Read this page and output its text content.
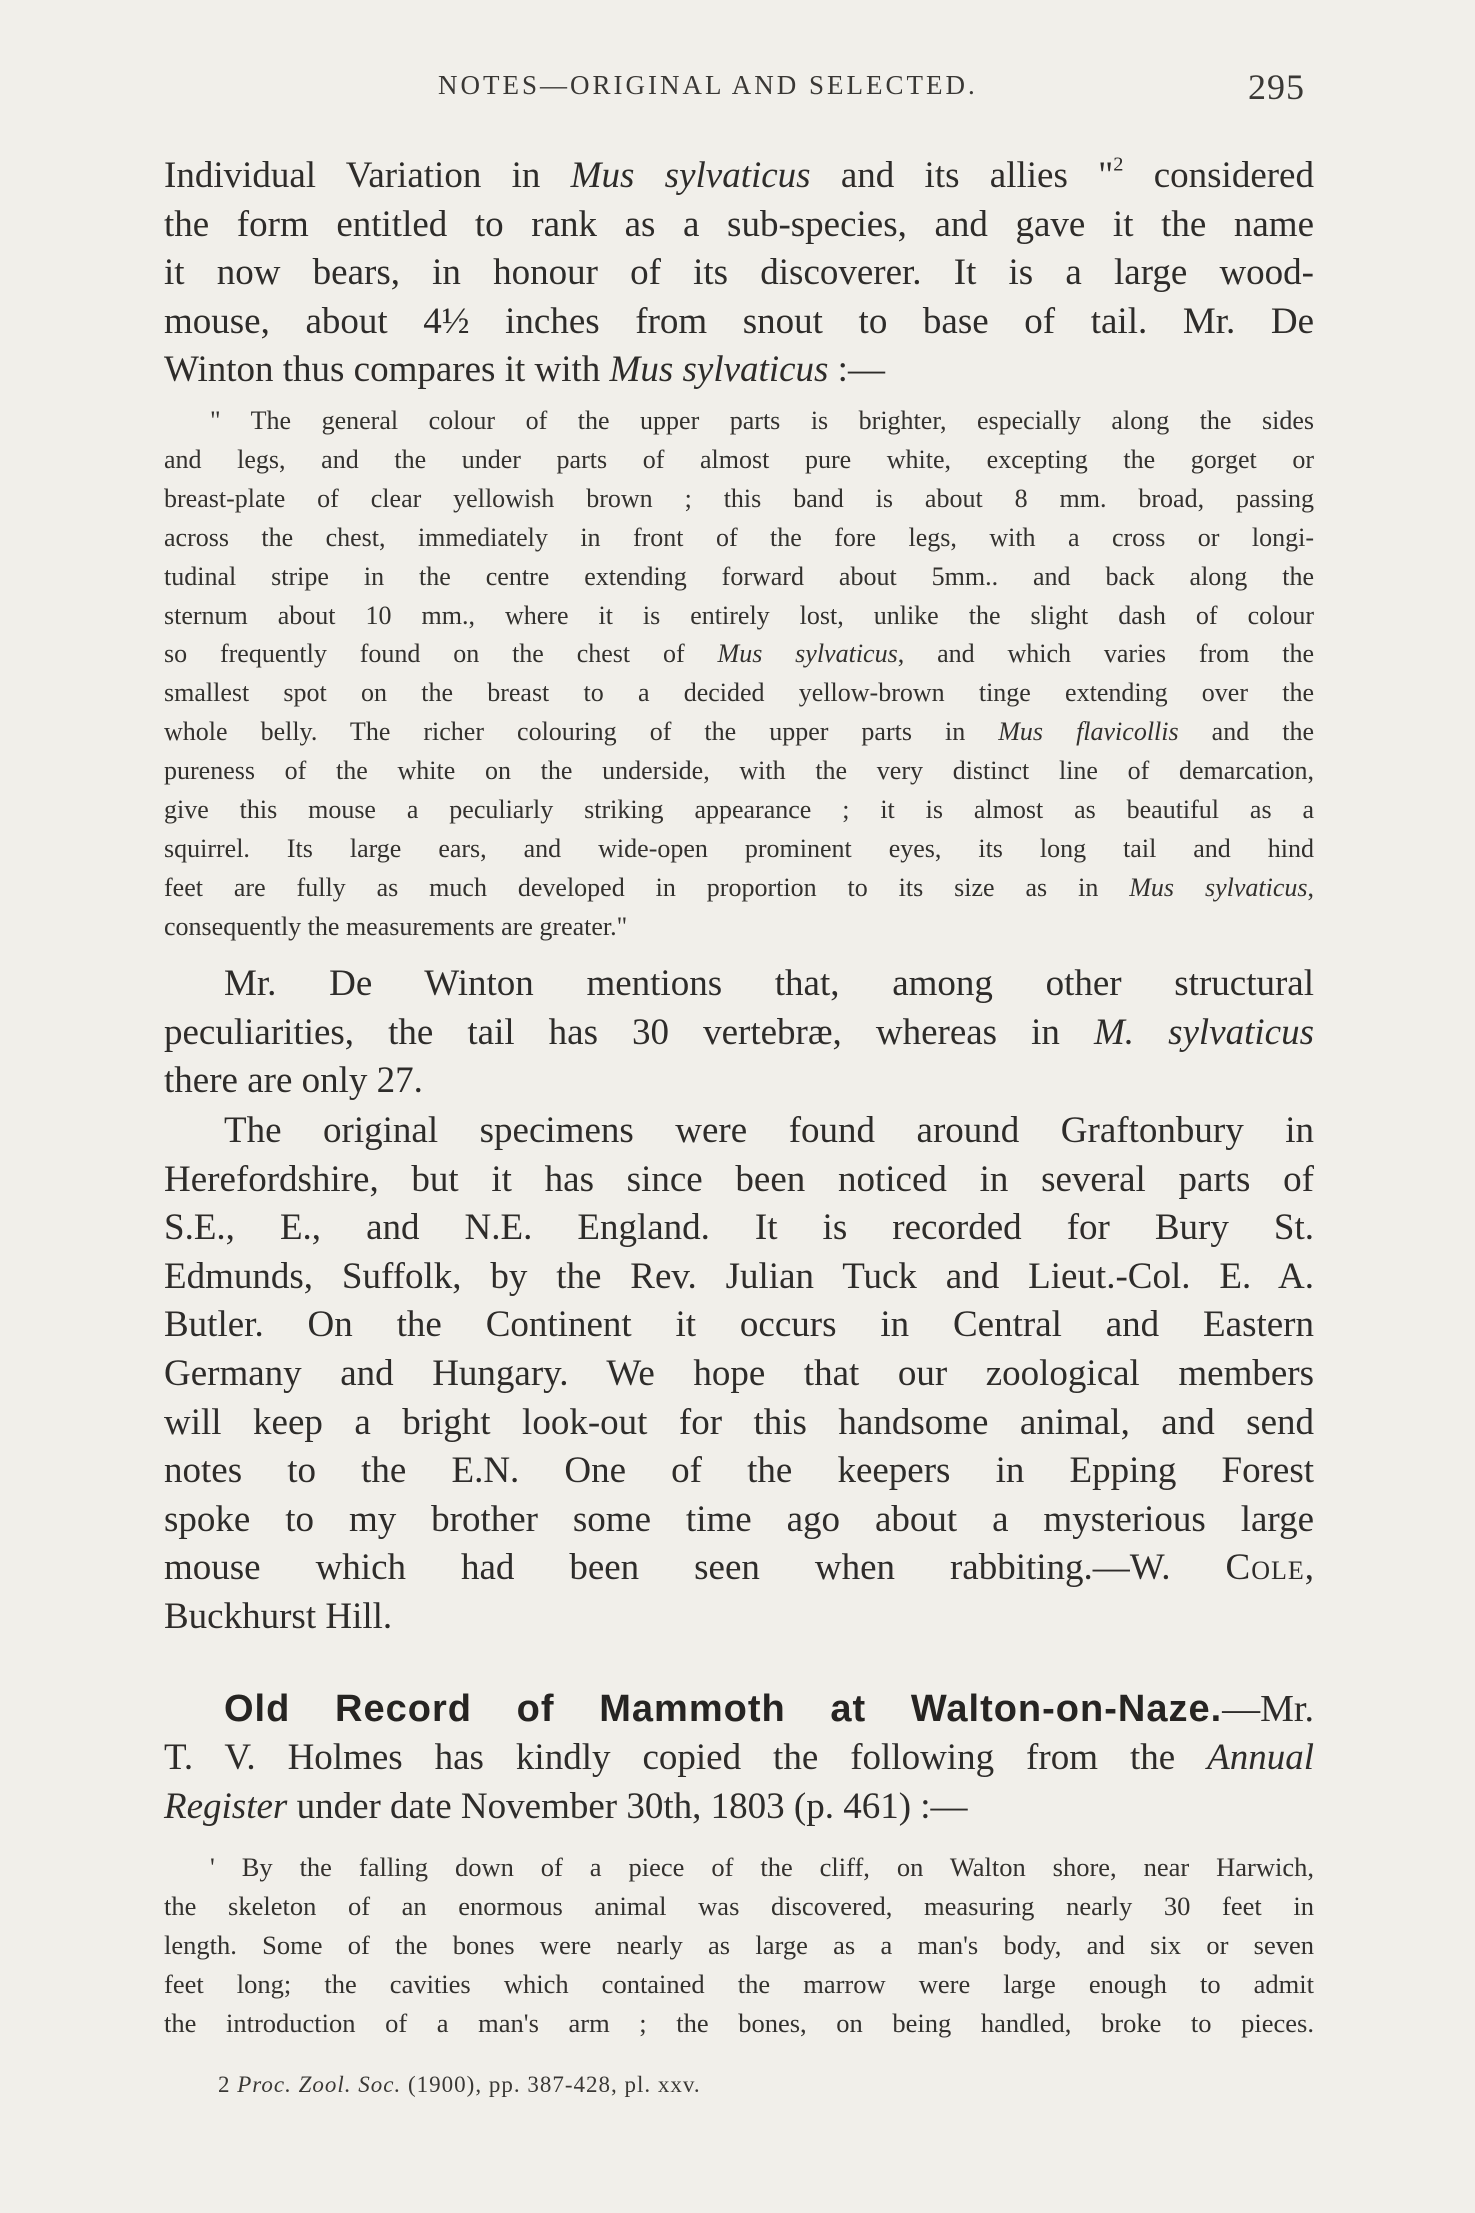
NOTES—ORIGINAL AND SELECTED.	295
Individual Variation in Mus sylvaticus and its allies "$^2$ considered
the form entitled to rank as a sub-species, and gave it the name
it now bears, in honour of its discoverer. It is a large wood-
mouse, about 4½ inches from snout to base of tail. Mr. De
Winton thus compares it with Mus sylvaticus :—
" The general colour of the upper parts is brighter, especially along the sides
and legs, and the under parts of almost pure white, excepting the gorget or
breast-plate of clear yellowish brown ; this band is about 8 mm. broad, passing
across the chest, immediately in front of the fore legs, with a cross or longi-
tudinal stripe in the centre extending forward about 5mm.. and back along the
sternum about 10 mm., where it is entirely lost, unlike the slight dash of colour
so frequently found on the chest of Mus sylvaticus, and which varies from the
smallest spot on the breast to a decided yellow-brown tinge extending over the
whole belly. The richer colouring of the upper parts in Mus flavicollis and the
pureness of the white on the underside, with the very distinct line of demarcation,
give this mouse a peculiarly striking appearance ; it is almost as beautiful as a
squirrel. Its large ears, and wide-open prominent eyes, its long tail and hind
feet are fully as much developed in proportion to its size as in Mus sylvaticus,
consequently the measurements are greater."
Mr. De Winton mentions that, among other structural
peculiarities, the tail has 30 vertebræ, whereas in M. sylvaticus
there are only 27.
The original specimens were found around Graftonbury in
Herefordshire, but it has since been noticed in several parts of
S.E., E., and N.E. England. It is recorded for Bury St.
Edmunds, Suffolk, by the Rev. Julian Tuck and Lieut.-Col. E. A.
Butler. On the Continent it occurs in Central and Eastern
Germany and Hungary. We hope that our zoological members
will keep a bright look-out for this handsome animal, and send
notes to the E.N. One of the keepers in Epping Forest
spoke to my brother some time ago about a mysterious large
mouse which had been seen when rabbiting.—W. Cole,
Buckhurst Hill.
Old Record of Mammoth at Walton-on-Naze.—Mr.
T. V. Holmes has kindly copied the following from the Annual
Register under date November 30th, 1803 (p. 461) :—
' By the falling down of a piece of the cliff, on Walton shore, near Harwich,
the skeleton of an enormous animal was discovered, measuring nearly 30 feet in
length. Some of the bones were nearly as large as a man's body, and six or seven
feet long; the cavities which contained the marrow were large enough to admit
the introduction of a man's arm ; the bones, on being handled, broke to pieces.
2 Proc. Zool. Soc. (1900), pp. 387-428, pl. xxv.
